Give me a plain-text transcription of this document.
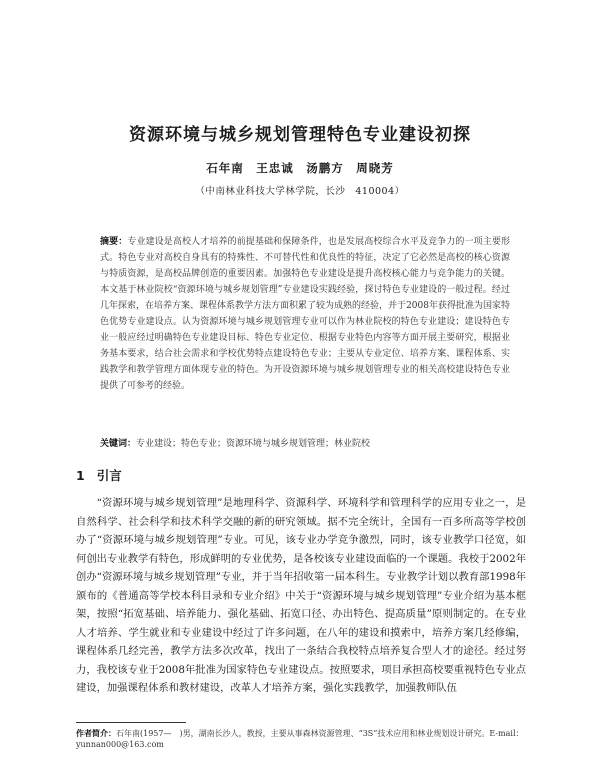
资源环境与城乡规划管理特色专业建设初探
石年南　王忠诚　汤鹏方　周晓芳
（中南林业科技大学林学院，长沙　410004）
摘要：专业建设是高校人才培养的前提基础和保障条件，也是发展高校综合水平及竞争力的一项主要形式。特色专业对高校自身具有的特殊性、不可替代性和优良性的特征，决定了它必然是高校的核心资源与特质资源，是高校品牌创造的重要因素。加强特色专业建设是提升高校核心能力与竞争能力的关键。本文基于林业院校“资源环境与城乡规划管理”专业建设实践经验，探讨特色专业建设的一般过程。经过几年探索，在培养方案、课程体系教学方法方面积累了较为成熟的经验，并于2008年获得批准为国家特色优势专业建设点。认为资源环境与城乡规划管理专业可以作为林业院校的特色专业建设；建设特色专业一般应经过明确特色专业建设目标、特色专业定位、根据专业特色内容等方面开展主要研究，根据业务基本要求，结合社会需求和学校优势特点建设特色专业；主要从专业定位、培养方案、课程体系、实践教学和教学管理方面体现专业的特色。为开设资源环境与城乡规划管理专业的相关高校建设特色专业提供了可参考的经验。
关键词：专业建设；特色专业；资源环境与城乡规划管理；林业院校
1 引言
“资源环境与城乡规划管理”是地理科学、资源科学、环境科学和管理科学的应用专业之一，是自然科学、社会科学和技术科学交融的新的研究领域。据不完全统计，全国有一百多所高等学校创办了“资源环境与城乡规划管理”专业。可见，该专业办学竞争激烈，同时，该专业教学口径宽，如何创出专业教学有特色，形成鲜明的专业优势，是各校该专业建设面临的一个课题。我校于2002年创办“资源环境与城乡规划管理”专业，并于当年招收第一届本科生。专业教学计划以教育部1998年颁布的《普通高等学校本科目录和专业介绍》中关于“资源环境与城乡规划管理”专业介绍为基本框架，按照“拓宽基础、培养能力、强化基础、拓宽口径、办出特色、提高质量”原则制定的。在专业人才培养、学生就业和专业建设中经过了许多问题，在八年的建设和摸索中，培养方案几经修编，课程体系几经完善，教学方法多次改革，找出了一条结合我校特点培养复合型人才的途径。经过努力，我校该专业于2008年批准为国家特色专业建设点。按照要求，项目承担高校要重视特色专业点建设，加强课程体系和教材建设，改革人才培养方案，强化实践教学，加强教师队伍
作者简介：石年南(1957—　)男，湖南长沙人，教授，主要从事森林资源管理、“3S”技术应用和林业规划设计研究。E-mail：yunnan000@163.com
